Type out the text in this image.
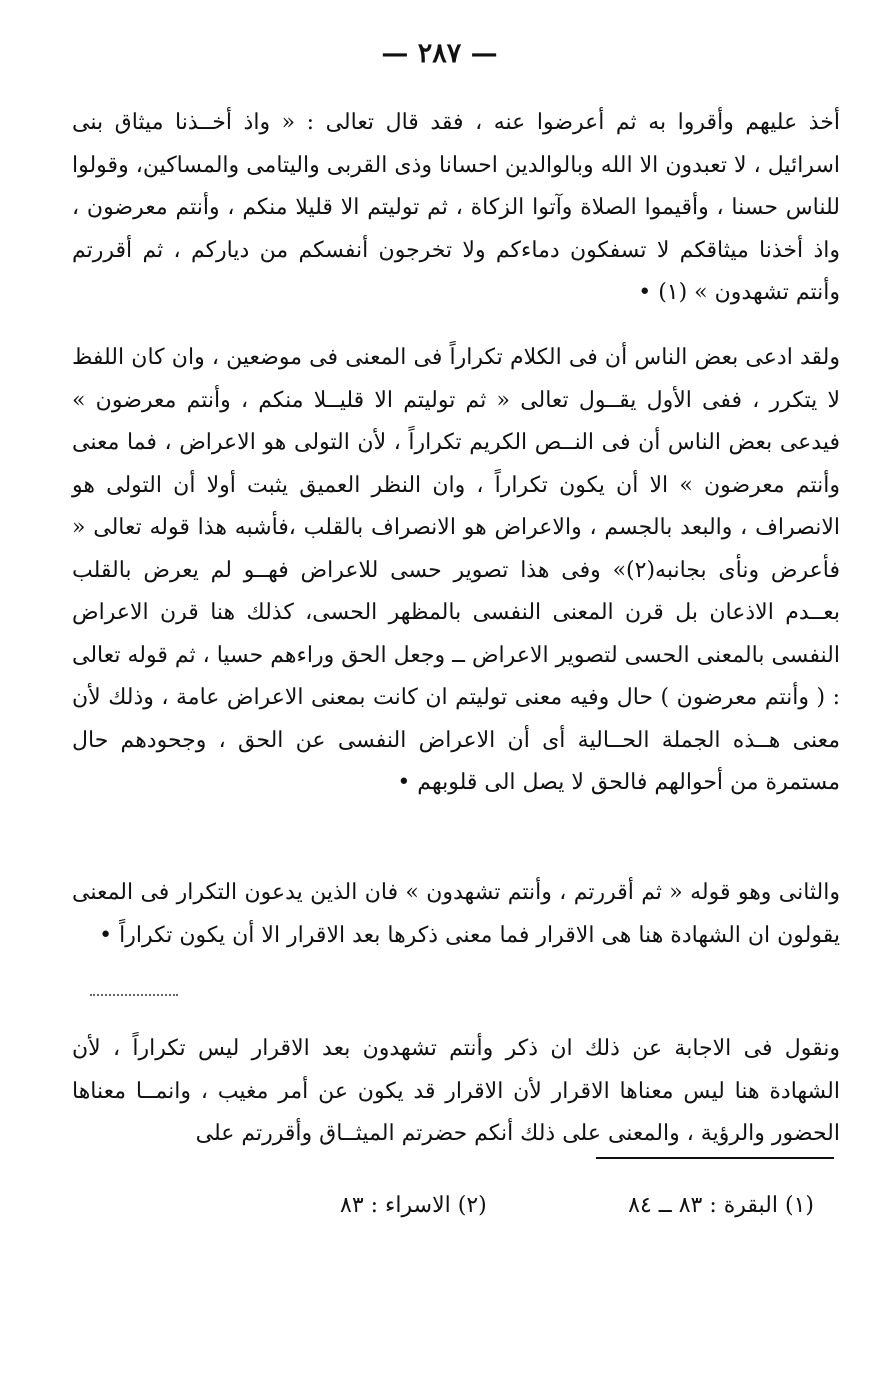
— ٢٨٧ —
أخذ عليهم وأقروا به ثم أعرضوا عنه ، فقد قال تعالى : « واذ أخــذنا ميثاق بنى اسرائيل ، لا تعبدون الا الله وبالوالدين احسانا وذى القربى واليتامى والمساكين، وقولوا للناس حسنا ، وأقيموا الصلاة وآتوا الزكاة ، ثم توليتم الا قليلا منكم ، وأنتم معرضون ، واذ أخذنا ميثاقكم لا تسفكون دماءكم ولا تخرجون أنفسكم من دياركم ، ثم أقررتم وأنتم تشهدون » (١) •
ولقد ادعى بعض الناس أن فى الكلام تكراراً فى المعنى فى موضعين ، وان كان اللفظ لا يتكرر ، ففى الأول يقــول تعالى « ثم توليتم الا قليــلا منكم ، وأنتم معرضون » فيدعى بعض الناس أن فى النــص الكريم تكراراً ، لأن التولى هو الاعراض ، فما معنى وأنتم معرضون » الا أن يكون تكراراً ، وان النظر العميق يثبت أولا أن التولى هو الانصراف ، والبعد بالجسم ، والاعراض هو الانصراف بالقلب ،فأشبه هذا قوله تعالى « فأعرض ونأى بجانبه(٢)» وفى هذا تصوير حسى للاعراض فهــو لم يعرض بالقلب بعــدم الاذعان بل قرن المعنى النفسى بالمظهر الحسى، كذلك هنا قرن الاعراض النفسى بالمعنى الحسى لتصوير الاعراض ــ وجعل الحق وراءهم حسيا ، ثم قوله تعالى : ( وأنتم معرضون ) حال وفيه معنى توليتم ان كانت بمعنى الاعراض عامة ، وذلك لأن معنى هــذه الجملة الحــالية أى أن الاعراض النفسى عن الحق ، وجحودهم حال مستمرة من أحوالهم فالحق لا يصل الى قلوبهم •
والثانى وهو قوله « ثم أقررتم ، وأنتم تشهدون » فان الذين يدعون التكرار فى المعنى يقولون ان الشهادة هنا هى الاقرار فما معنى ذكرها بعد الاقرار الا أن يكون تكراراً •
ونقول فى الاجابة عن ذلك ان ذكر وأنتم تشهدون بعد الاقرار ليس تكراراً ، لأن الشهادة هنا ليس معناها الاقرار لأن الاقرار قد يكون عن أمر مغيب ، وانمــا معناها الحضور والرؤية ، والمعنى على ذلك أنكم حضرتم الميثــاق وأقررتم على
(١) البقرة : ٨٣ ــ ٨٤
(٢) الاسراء : ٨٣
